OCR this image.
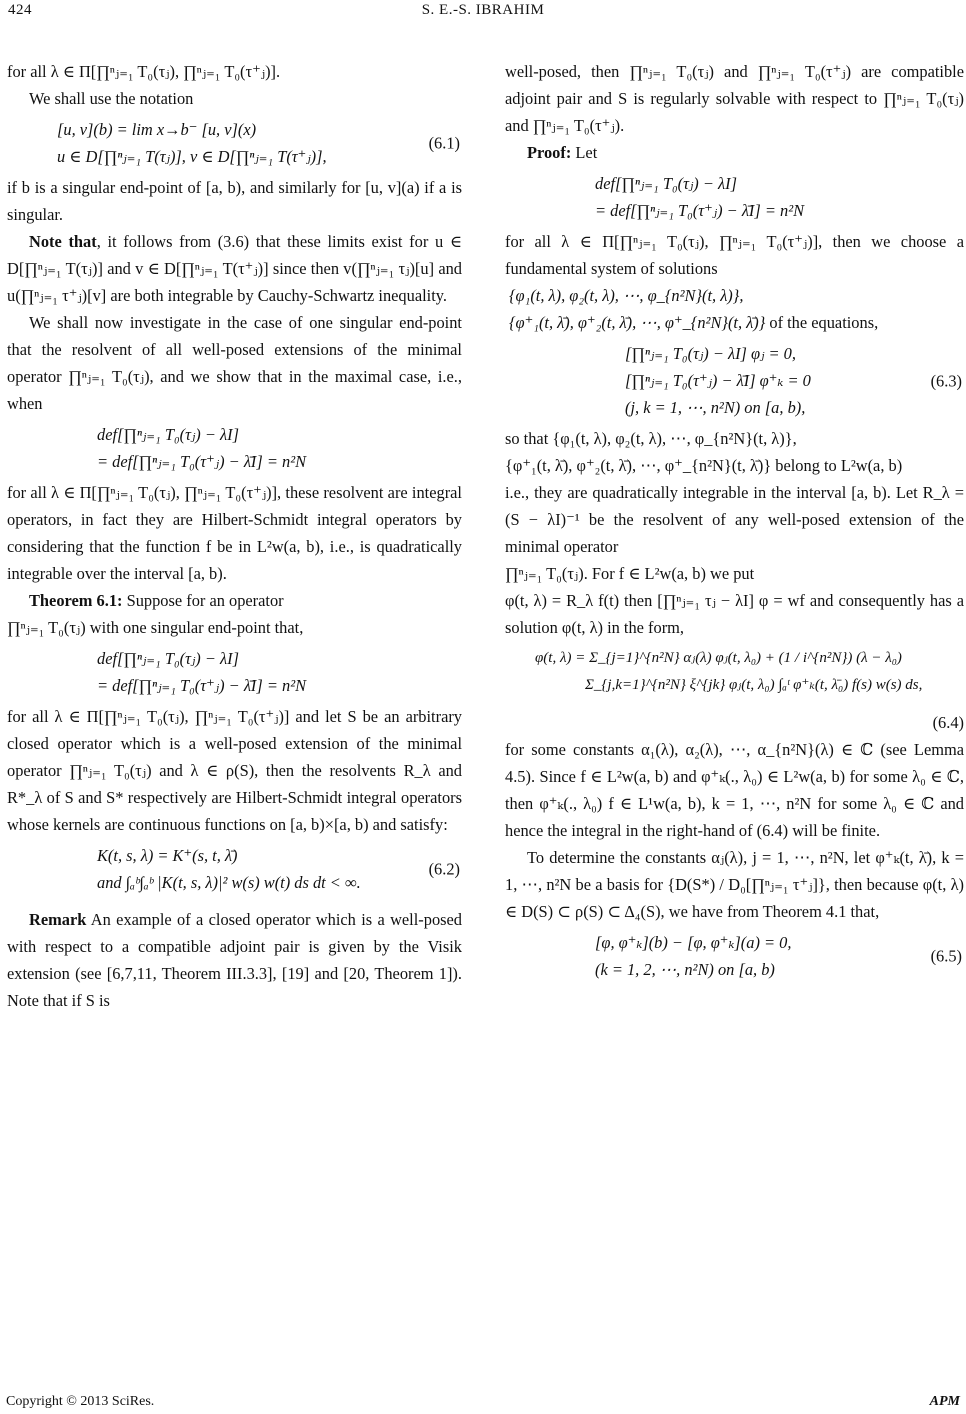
424	S. E.-S. IBRAHIM

for all λ ∈ Π[∏ⁿⱼ₌₁ T₀(τⱼ), ∏ⁿⱼ₌₁ T₀(τ⁺ⱼ)].

We shall use the notation

[u, v](b) = lim x→b⁻ [u, v](x)
u ∈ D[∏ⁿⱼ₌₁ T(τⱼ)], v ∈ D[∏ⁿⱼ₌₁ T(τ⁺ⱼ)],
(6.1)

if b is a singular end-point of [a, b), and similarly for [u, v](a) if a is singular.

Note that, it follows from (3.6) that these limits exist for u ∈ D[∏ⁿⱼ₌₁ T(τⱼ)] and v ∈ D[∏ⁿⱼ₌₁ T(τ⁺ⱼ)] since then v(∏ⁿⱼ₌₁ τⱼ)[u] and u(∏ⁿⱼ₌₁ τ⁺ⱼ)[v] are both integrable by Cauchy-Schwartz inequality.

We shall now investigate in the case of one singular end-point that the resolvent of all well-posed extensions of the minimal operator ∏ⁿⱼ₌₁ T₀(τⱼ), and we show that in the maximal case, i.e., when

def[∏ⁿⱼ₌₁ T₀(τⱼ) − λI]
= def[∏ⁿⱼ₌₁ T₀(τ⁺ⱼ) − λ̄I] = n²N

for all λ ∈ Π[∏ⁿⱼ₌₁ T₀(τⱼ), ∏ⁿⱼ₌₁ T₀(τ⁺ⱼ)], these resolvent are integral operators, in fact they are Hilbert-Schmidt integral operators by considering that the function f be in L²w(a, b), i.e., is quadratically integrable over the interval [a, b).

Theorem 6.1: Suppose for an operator

∏ⁿⱼ₌₁ T₀(τⱼ) with one singular end-point that,

def[∏ⁿⱼ₌₁ T₀(τⱼ) − λI]
= def[∏ⁿⱼ₌₁ T₀(τ⁺ⱼ) − λ̄I] = n²N

for all λ ∈ Π[∏ⁿⱼ₌₁ T₀(τⱼ), ∏ⁿⱼ₌₁ T₀(τ⁺ⱼ)] and let S be an arbitrary closed operator which is a well-posed extension of the minimal operator ∏ⁿⱼ₌₁ T₀(τⱼ) and λ ∈ ρ(S), then the resolvents R_λ and R*_λ of S and S* respectively are Hilbert-Schmidt integral operators whose kernels are continuous functions on [a, b)×[a, b) and satisfy:

K(t, s, λ) = K⁺(s, t, λ̄)
and ∫ₐᵇ∫ₐᵇ |K(t, s, λ)|² w(s) w(t) ds dt < ∞.
(6.2)

Remark An example of a closed operator which is a well-posed with respect to a compatible adjoint pair is given by the Visik extension (see [6,7,11, Theorem III.3.3], [19] and [20, Theorem 1]). Note that if S is

well-posed, then ∏ⁿⱼ₌₁ T₀(τⱼ) and ∏ⁿⱼ₌₁ T₀(τ⁺ⱼ) are compatible adjoint pair and S is regularly solvable with respect to ∏ⁿⱼ₌₁ T₀(τⱼ) and ∏ⁿⱼ₌₁ T₀(τ⁺ⱼ).

Proof: Let

def[∏ⁿⱼ₌₁ T₀(τⱼ) − λI]
= def[∏ⁿⱼ₌₁ T₀(τ⁺ⱼ) − λ̄I] = n²N

for all λ ∈ Π[∏ⁿⱼ₌₁ T₀(τⱼ), ∏ⁿⱼ₌₁ T₀(τ⁺ⱼ)], then we choose a fundamental system of solutions

{φ₁(t, λ), φ₂(t, λ), ⋯, φ_{n²N}(t, λ)},

{φ⁺₁(t, λ̄), φ⁺₂(t, λ̄), ⋯, φ⁺_{n²N}(t, λ̄)} of the equations,

[∏ⁿⱼ₌₁ T₀(τⱼ) − λI] φⱼ = 0,
[∏ⁿⱼ₌₁ T₀(τ⁺ⱼ) − λ̄I] φ⁺ₖ = 0
(j, k = 1, ⋯, n²N) on [a, b),
(6.3)

so that {φ₁(t, λ), φ₂(t, λ), ⋯, φ_{n²N}(t, λ)},

{φ⁺₁(t, λ̄), φ⁺₂(t, λ̄), ⋯, φ⁺_{n²N}(t, λ̄)} belong to L²w(a, b)

i.e., they are quadratically integrable in the interval [a, b). Let R_λ = (S − λI)⁻¹ be the resolvent of any well-posed extension of the minimal operator

∏ⁿⱼ₌₁ T₀(τⱼ). For f ∈ L²w(a, b) we put

φ(t, λ) = R_λ f(t) then [∏ⁿⱼ₌₁ τⱼ − λI] φ = wf and consequently has a solution φ(t, λ) in the form,

φ(t, λ) = Σ_{j=1}^{n²N} αⱼ(λ) φⱼ(t, λ₀) + (1 / i^{n²N}) (λ − λ₀)
Σ_{j,k=1}^{n²N} ξ^{jk} φⱼ(t, λ₀) ∫ₐᵗ φ⁺ₖ(t, λ̄₀) f(s) w(s) ds,
(6.4)

for some constants α₁(λ), α₂(λ), ⋯, α_{n²N}(λ) ∈ ℂ (see Lemma 4.5). Since f ∈ L²w(a, b) and φ⁺ₖ(., λ₀) ∈ L²w(a, b) for some λ₀ ∈ ℂ, then φ⁺ₖ(., λ₀) f ∈ L¹w(a, b), k = 1, ⋯, n²N for some λ₀ ∈ ℂ and hence the integral in the right-hand of (6.4) will be finite.

To determine the constants αⱼ(λ), j = 1, ⋯, n²N, let φ⁺ₖ(t, λ̄), k = 1, ⋯, n²N be a basis for {D(S*) / D₀[∏ⁿⱼ₌₁ τ⁺ⱼ]}, then because φ(t, λ) ∈ D(S) ⊂ ρ(S) ⊂ Δ₄(S), we have from Theorem 4.1 that,

[φ, φ⁺ₖ](b) − [φ, φ⁺ₖ](a) = 0,
(k = 1, 2, ⋯, n²N) on [a, b)
(6.5)
Copyright © 2013 SciRes.	APM
